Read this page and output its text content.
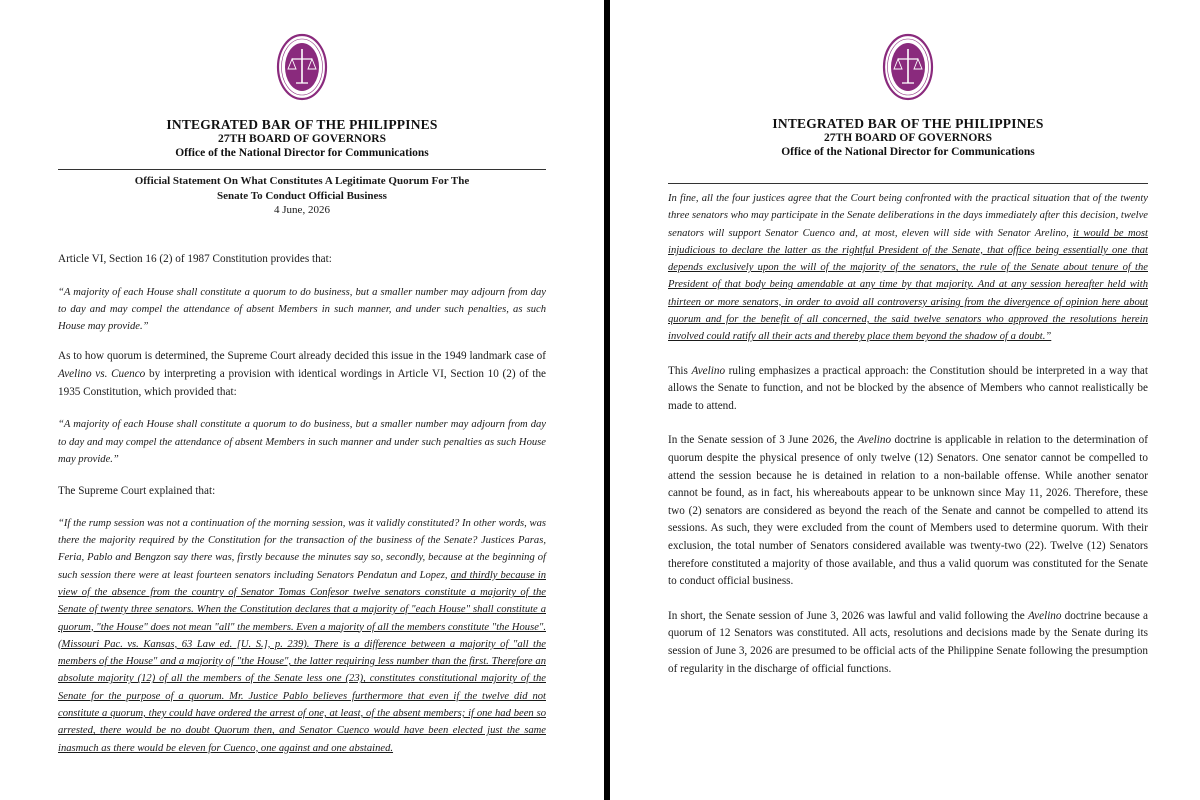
INTEGRATED BAR OF THE PHILIPPINES
27TH BOARD OF GOVERNORS
Office of the National Director for Communications
Official Statement On What Constitutes A Legitimate Quorum For The
Senate To Conduct Official Business
4 June, 2026

Article VI, Section 16 (2) of 1987 Constitution provides that:

“A majority of each House shall constitute a quorum to do business, but a smaller number may adjourn from day to day and may compel the attendance of absent Members in such manner, and under such penalties, as such House may provide.”

As to how quorum is determined, the Supreme Court already decided this issue in the 1949 landmark case of Avelino vs. Cuenco by interpreting a provision with identical wordings in Article VI, Section 10 (2) of the 1935 Constitution, which provided that:

“A majority of each House shall constitute a quorum to do business, but a smaller number may adjourn from day to day and may compel the attendance of absent Members in such manner and under such penalties as such House may provide.”

The Supreme Court explained that:

“If the rump session was not a continuation of the morning session, was it validly constituted? In other words, was there the majority required by the Constitution for the transaction of the business of the Senate? Justices Paras, Feria, Pablo and Bengzon say there was, firstly because the minutes say so, secondly, because at the beginning of such session there were at least fourteen senators including Senators Pendatun and Lopez, and thirdly because in view of the absence from the country of Senator Tomas Confesor twelve senators constitute a majority of the Senate of twenty three senators. When the Constitution declares that a majority of "each House" shall constitute a quorum, "the House" does not mean "all" the members. Even a majority of all the members constitute "the House". (Missouri Pac. vs. Kansas, 63 Law ed. [U. S.], p. 239). There is a difference between a majority of "all the members of the House" and a majority of "the House", the latter requiring less number than the first. Therefore an absolute majority (12) of all the members of the Senate less one (23), constitutes constitutional majority of the Senate for the purpose of a quorum. Mr. Justice Pablo believes furthermore that even if the twelve did not constitute a quorum, they could have ordered the arrest of one, at least, of the absent members; if one had been so arrested, there would be no doubt Quorum then, and Senator Cuenco would have been elected just the same inasmuch as there would be eleven for Cuenco, one against and one abstained.

INTEGRATED BAR OF THE PHILIPPINES
27TH BOARD OF GOVERNORS
Office of the National Director for Communications

In fine, all the four justices agree that the Court being confronted with the practical situation that of the twenty three senators who may participate in the Senate deliberations in the days immediately after this decision, twelve senators will support Senator Cuenco and, at most, eleven will side with Senator Arelino, it would be most injudicious to declare the latter as the rightful President of the Senate, that office being essentially one that depends exclusively upon the will of the majority of the senators, the rule of the Senate about tenure of the President of that body being amendable at any time by that majority. And at any session hereafter held with thirteen or more senators, in order to avoid all controversy arising from the divergence of opinion here about quorum and for the benefit of all concerned, the said twelve senators who approved the resolutions herein involved could ratify all their acts and thereby place them beyond the shadow of a doubt.”

This Avelino ruling emphasizes a practical approach: the Constitution should be interpreted in a way that allows the Senate to function, and not be blocked by the absence of Members who cannot realistically be made to attend.

In the Senate session of 3 June 2026, the Avelino doctrine is applicable in relation to the determination of quorum despite the physical presence of only twelve (12) Senators. One senator cannot be compelled to attend the session because he is detained in relation to a non-bailable offense. While another senator cannot be found, as in fact, his whereabouts appear to be unknown since May 11, 2026. Therefore, these two (2) senators are considered as beyond the reach of the Senate and cannot be compelled to attend its sessions. As such, they were excluded from the count of Members used to determine quorum. With their exclusion, the total number of Senators considered available was twenty-two (22). Twelve (12) Senators therefore constituted a majority of those available, and thus a valid quorum was constituted for the Senate to conduct official business.

In short, the Senate session of June 3, 2026 was lawful and valid following the Avelino doctrine because a quorum of 12 Senators was constituted. All acts, resolutions and decisions made by the Senate during its session of June 3, 2026 are presumed to be official acts of the Philippine Senate following the presumption of regularity in the discharge of official functions.
